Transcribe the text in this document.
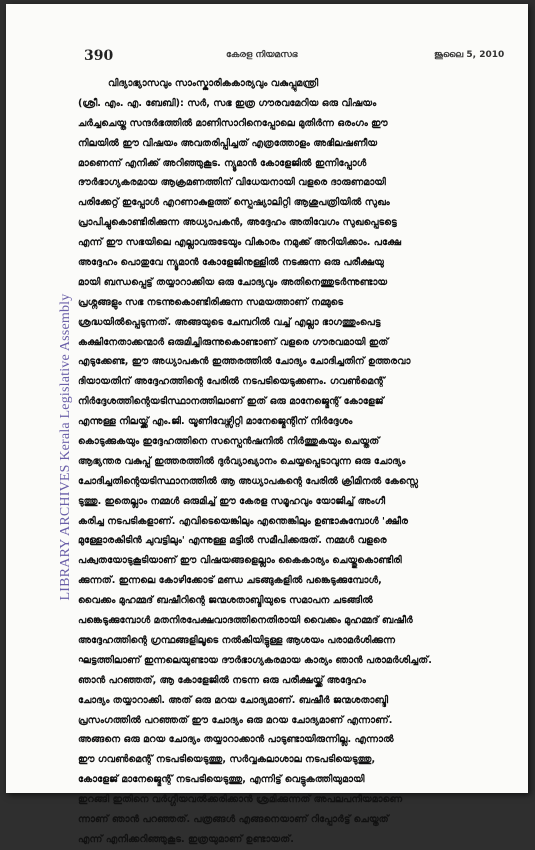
390	കേരള നിയമസഭ	ജൂലൈ 5, 2010
LIBRARY ARCHIVES Kerala Legislative Assembly
വിദ്യാഭ്യാസവും സാംസ്കാരികകാര്യവും വകുപ്പുമന്ത്രി
(ശ്രീ. എം. എ. ബേബി): സർ, സഭ ഇത്ര ഗൗരവമേറിയ ഒരു വിഷയം
ചർച്ചചെയ്ത സന്ദർഭത്തിൽ മാണിസാറിനെപ്പോലെ മുതിർന്ന ഒരംഗം ഈ
നിലയിൽ ഈ വിഷയം അവതരിപ്പിച്ചത് എത്രത്തോളം അഭിലഷണീയ
മാണെന്ന് എനിക്ക് അറിഞ്ഞുകൂട. ന്യൂമാൻ കോളേജിൽ ഇന്നിപ്പോൾ
ദൗർഭാഗ്യകരമായ ആക്രമണത്തിന് വിധേയനായി വളരെ ദാരുണമായി
പരിക്കേറ്റ് ഇപ്പോൾ എറണാകുളത്ത് സ്പെഷ്യാലിറ്റി ആശുപത്രിയിൽ സുഖം
പ്രാപിച്ചുകൊണ്ടിരിക്കുന്ന അധ്യാപകൻ, അദ്ദേഹം അതിവേഗം സുഖപ്പെടട്ടെ
എന്ന് ഈ സഭയിലെ എല്ലാവരുടേയും വികാരം നമുക്ക് അറിയിക്കാം. പക്ഷേ
അദ്ദേഹം പൊതുവേ ന്യൂമാൻ കോളേജിനുള്ളിൽ നടക്കുന്ന ഒരു പരീക്ഷയു
മായി ബന്ധപ്പെട്ട് തയ്യാറാക്കിയ ഒരു ചോദ്യവും അതിനെത്തുടർന്നുണ്ടായ
പ്രശ്നങ്ങളും സഭ നടന്നുകൊണ്ടിരിക്കുന്ന സമയത്താണ് നമ്മുടെ
ശ്രദ്ധയിൽപ്പെടുന്നത്. അങ്ങയുടെ ചേമ്പറിൽ വച്ച് എല്ലാ ഭാഗത്തുംപെട്ട
കക്ഷിനേതാക്കന്മാർ ഒരുമിച്ചിരുന്നുകൊണ്ടാണ് വളരെ ഗൗരവമായി ഇത്
എടുക്കേണ്ട, ഈ അധ്യാപകൻ ഇത്തരത്തിൽ ചോദ്യം ചോദിച്ചതിന് ഉത്തരവാ
ദിയായതിന് അദ്ദേഹത്തിന്റെ പേരിൽ നടപടിയെടുക്കണം. ഗവൺമെന്റ്
നിർദ്ദേശത്തിന്റെയടിസ്ഥാനത്തിലാണ് ഇത് ഒരു മാനേജ്മെന്റ് കോളേജ്
എന്നുള്ള നിലയ്ക്ക് എം.ജി. യൂണിവേഴ്സിറ്റി മാനേജ്മെന്റിന് നിർദ്ദേശം
കൊടുക്കുകയും ഇദ്ദേഹത്തിനെ സസ്പെൻഷനിൽ നിർത്തുകയും ചെയ്തത്
ആഭ്യന്തര വകുപ്പ് ഇത്തരത്തിൽ ദുർവ്യാഖ്യാനം ചെയ്യപ്പെടാവുന്ന ഒരു ചോദ്യം
ചോദിച്ചതിന്റെയടിസ്ഥാനത്തിൽ ആ അധ്യാപകന്റെ പേരിൽ ക്രിമിനൽ കേസ്സെ
ടുത്തു. ഇതെല്ലാം നമ്മൾ ഒരുമിച്ച് ഈ കേരള സമൂഹവും യോജിച്ച് അംഗീ
കരിച്ച നടപടികളാണ്. എവിടെയെങ്കിലും എന്തെങ്കിലും ഉണ്ടാകുമ്പോൾ 'ക്ഷീര
മുള്ളോരകിടിൻ ചുവട്ടിലും' എന്നുള്ള മട്ടിൽ സമീപിക്കരുത്. നമ്മൾ വളരെ
പക്വതയോടുകൂടിയാണ് ഈ വിഷയങ്ങളെല്ലാം കൈകാര്യം ചെയ്തുകൊണ്ടിരി
ക്കുന്നത്. ഇന്നലെ കോഴിക്കോട് മണ്ഡ ചടങ്ങുകളിൽ പങ്കെടുക്കുമ്പോൾ,
വൈക്കം മുഹമ്മദ് ബഷീറിന്റെ ജന്മശതാബ്ദിയുടെ സമാപന ചടങ്ങിൽ
പങ്കെടുക്കുമ്പോൾ മതനിരപേക്ഷവാദത്തിനെതിരായി വൈക്കം മുഹമ്മദ് ബഷീർ
അദ്ദേഹത്തിന്റെ ഗ്രന്ഥങ്ങളിലൂടെ നൽകിയിട്ടുള്ള ആശയം പരാമർശിക്കുന്ന
ഘട്ടത്തിലാണ് ഇന്നലെയുണ്ടായ ദൗർഭാഗ്യകരമായ കാര്യം ഞാൻ പരാമർശിച്ചത്.
ഞാൻ പറഞ്ഞത്, ആ കോളേജിൽ നടന്ന ഒരു പരീക്ഷയ്ക്ക് അദ്ദേഹം
ചോദ്യം തയ്യാറാക്കി. അത് ഒരു മറയ ചോദ്യമാണ്. ബഷീർ ജന്മശതാബ്ദി
പ്രസംഗത്തിൽ പറഞ്ഞത് ഈ ചോദ്യം ഒരു മറയ ചോദ്യമാണ് എന്നാണ്.
അങ്ങനെ ഒരു മറയ ചോദ്യം തയ്യാറാക്കാൻ പാടുണ്ടായിരുന്നില്ല. എന്നാൽ
ഈ ഗവൺമെന്റ് നടപടിയെടുത്തു, സർവ്വകലാശാല നടപടിയെടുത്തു,
കോളേജ് മാനേജ്മെന്റ് നടപടിയെടുത്തു, എന്നിട്ട് വെട്ടുകത്തിയുമായി
ഇറങ്ങി ഇതിനെ വർഗ്ഗീയവൽക്കരിക്കാൻ ശ്രമിക്കുന്നത് അപലപനീയമാണെ
ന്നാണ് ഞാൻ പറഞ്ഞത്. പത്രങ്ങൾ എങ്ങനെയാണ് റിപ്പോർട്ട് ചെയ്തത്
എന്ന് എനിക്കറിഞ്ഞുകൂട. ഇത്രയുമാണ് ഉണ്ടായത്.
